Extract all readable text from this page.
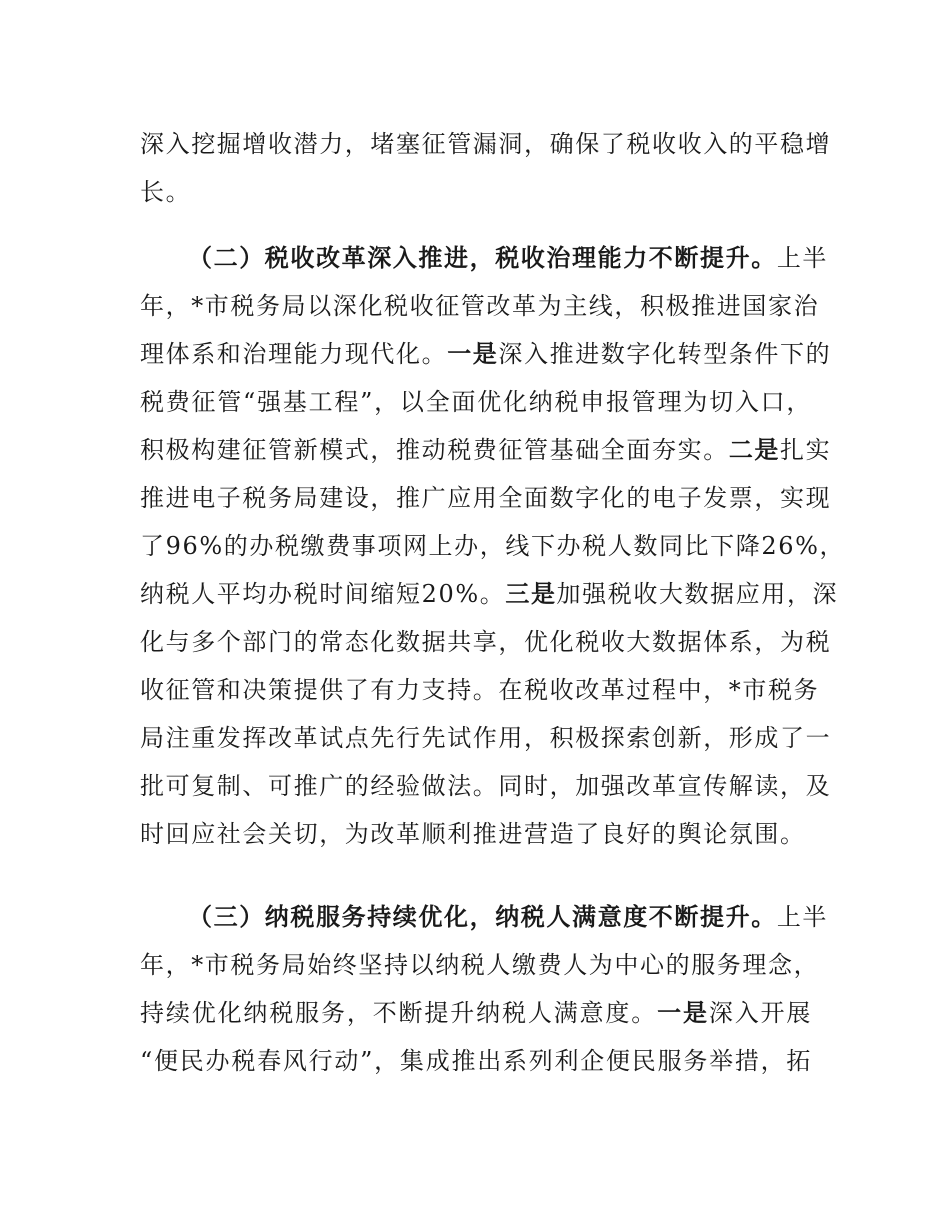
深入挖掘增收潜力，堵塞征管漏洞，确保了税收收入的平稳增
长。
（二）税收改革深入推进，税收治理能力不断提升。上半
年，*市税务局以深化税收征管改革为主线，积极推进国家治
理体系和治理能力现代化。一是深入推进数字化转型条件下的
税费征管“强基工程”，以全面优化纳税申报管理为切入口，
积极构建征管新模式，推动税费征管基础全面夯实。二是扎实
推进电子税务局建设，推广应用全面数字化的电子发票，实现
了96%的办税缴费事项网上办，线下办税人数同比下降26%，
纳税人平均办税时间缩短20%。三是加强税收大数据应用，深
化与多个部门的常态化数据共享，优化税收大数据体系，为税
收征管和决策提供了有力支持。在税收改革过程中，*市税务
局注重发挥改革试点先行先试作用，积极探索创新，形成了一
批可复制、可推广的经验做法。同时，加强改革宣传解读，及
时回应社会关切，为改革顺利推进营造了良好的舆论氛围。
（三）纳税服务持续优化，纳税人满意度不断提升。上半
年，*市税务局始终坚持以纳税人缴费人为中心的服务理念，
持续优化纳税服务，不断提升纳税人满意度。一是深入开展
“便民办税春风行动”，集成推出系列利企便民服务举措，拓
